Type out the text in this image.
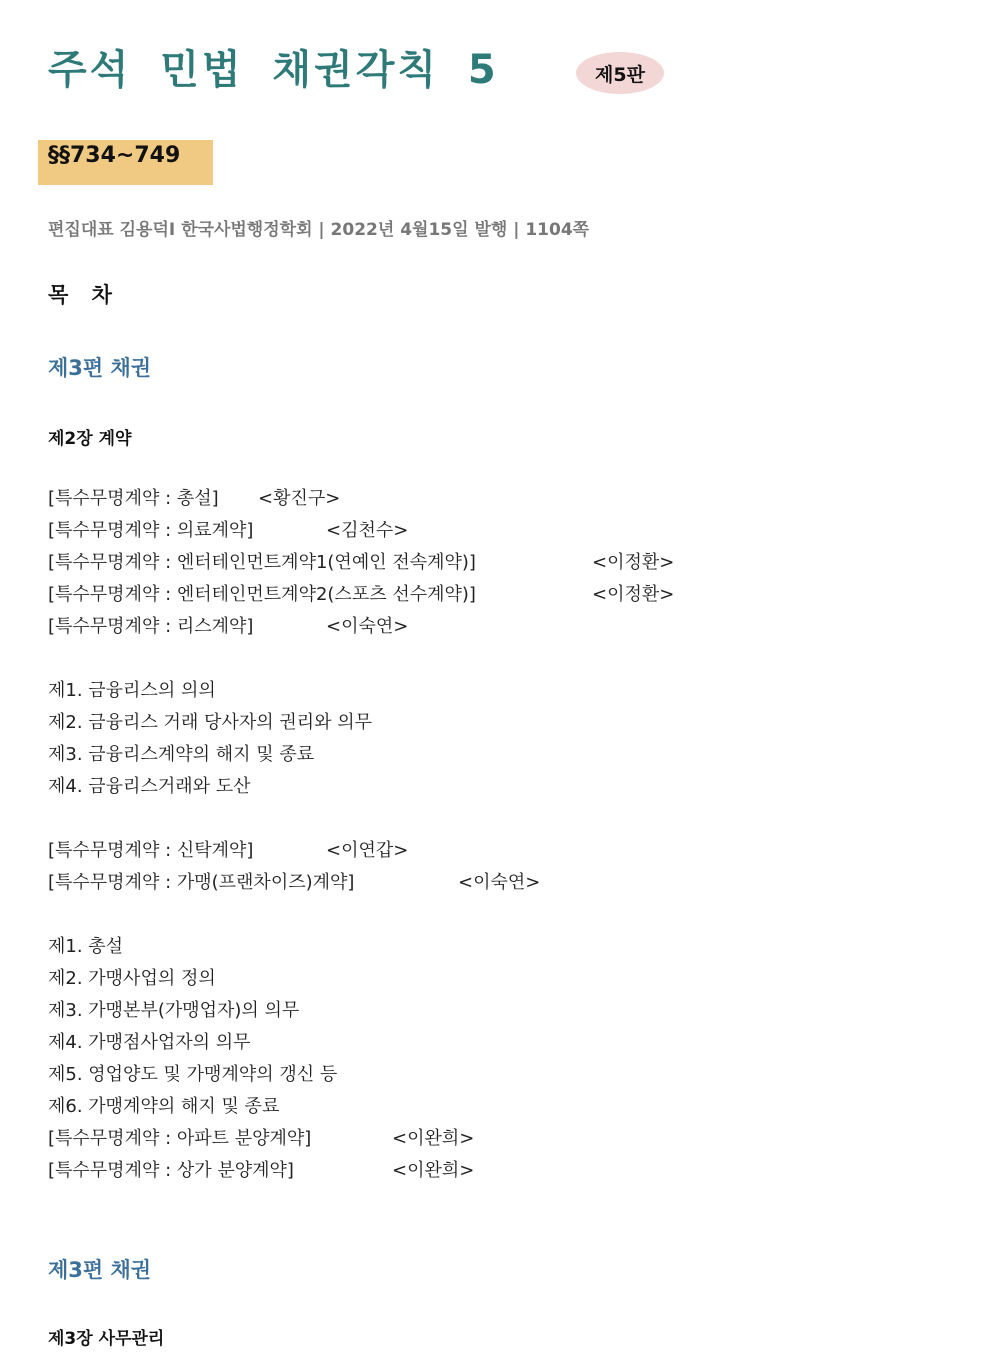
주석 민법 채권각칙 5	제5판
§§734~749
편집대표 김용덕I 한국사법행정학회 | 2022년 4월15일 발행 | 1104쪽
목 차
제3편 채권
제2장 계약
[특수무명계약 : 총설] <황진구>
[특수무명계약 : 의료계약]	<김천수>
[특수무명계약 : 엔터테인먼트계약1(연예인 전속계약)]	<이정환>
[특수무명계약 : 엔터테인먼트계약2(스포츠 선수계약)]	<이정환>
[특수무명계약 : 리스계약]	<이숙연>
제1. 금융리스의 의의
제2. 금융리스 거래 당사자의 권리와 의무
제3. 금융리스계약의 해지 및 종료
제4. 금융리스거래와 도산
[특수무명계약 : 신탁계약]	<이연갑>
[특수무명계약 : 가맹(프랜차이즈)계약]	<이숙연>
제1. 총설
제2. 가맹사업의 정의
제3. 가맹본부(가맹업자)의 의무
제4. 가맹점사업자의 의무
제5. 영업양도 및 가맹계약의 갱신 등
제6. 가맹계약의 해지 및 종료
[특수무명계약 : 아파트 분양계약]	<이완희>
[특수무명계약 : 상가 분양계약]	<이완희>
제3편 채권
제3장 사무관리
